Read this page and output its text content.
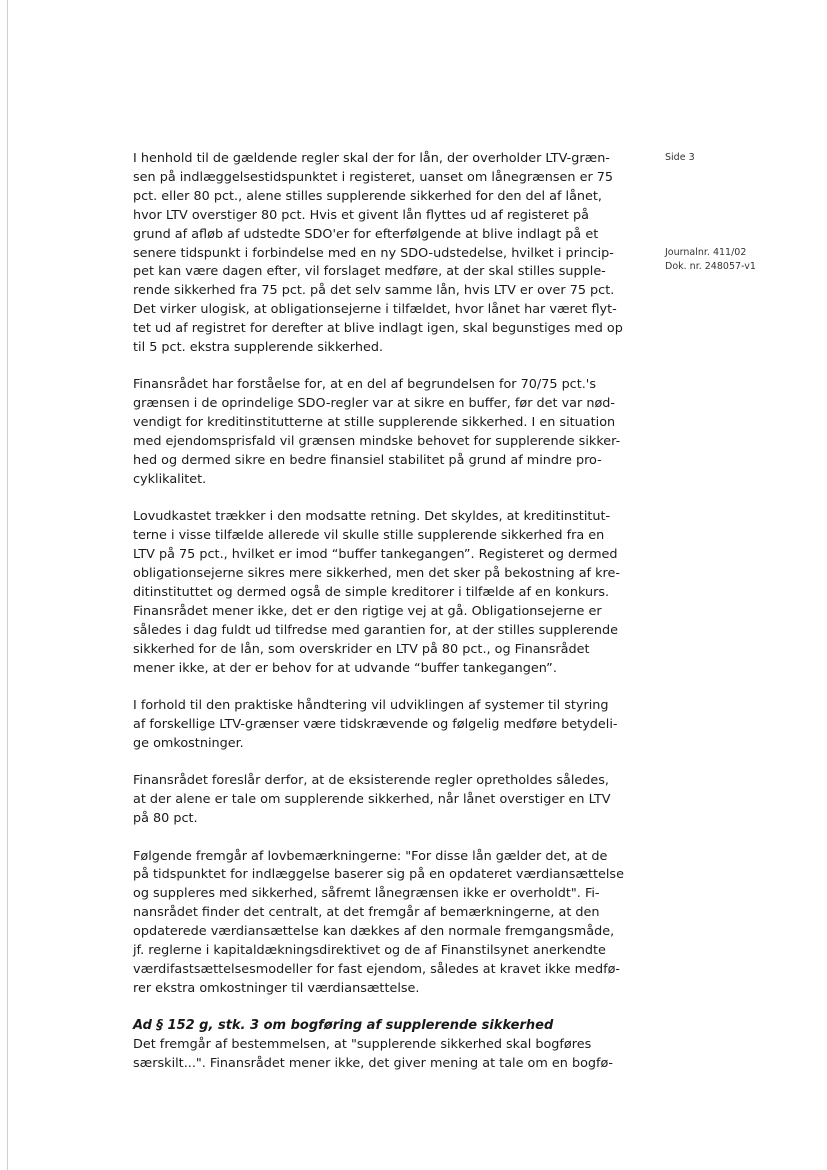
Side 3
Journalnr. 411/02
Dok. nr. 248057-v1

I henhold til de gældende regler skal der for lån, der overholder LTV-græn-
sen på indlæggelsestidspunktet i registeret, uanset om lånegrænsen er 75
pct. eller 80 pct., alene stilles supplerende sikkerhed for den del af lånet,
hvor LTV overstiger 80 pct. Hvis et givent lån flyttes ud af registeret på
grund af afløb af udstedte SDO'er for efterfølgende at blive indlagt på et
senere tidspunkt i forbindelse med en ny SDO-udstedelse, hvilket i princip-
pet kan være dagen efter, vil forslaget medføre, at der skal stilles supple-
rende sikkerhed fra 75 pct. på det selv samme lån, hvis LTV er over 75 pct.
Det virker ulogisk, at obligationsejerne i tilfældet, hvor lånet har været flyt-
tet ud af registret for derefter at blive indlagt igen, skal begunstiges med op
til 5 pct. ekstra supplerende sikkerhed.

Finansrådet har forståelse for, at en del af begrundelsen for 70/75 pct.'s
grænsen i de oprindelige SDO-regler var at sikre en buffer, før det var nød-
vendigt for kreditinstitutterne at stille supplerende sikkerhed. I en situation
med ejendomsprisfald vil grænsen mindske behovet for supplerende sikker-
hed og dermed sikre en bedre finansiel stabilitet på grund af mindre pro-
cyklikalitet.

Lovudkastet trækker i den modsatte retning. Det skyldes, at kreditinstitut-
terne i visse tilfælde allerede vil skulle stille supplerende sikkerhed fra en
LTV på 75 pct., hvilket er imod “buffer tankegangen”. Registeret og dermed
obligationsejerne sikres mere sikkerhed, men det sker på bekostning af kre-
ditinstituttet og dermed også de simple kreditorer i tilfælde af en konkurs.
Finansrådet mener ikke, det er den rigtige vej at gå. Obligationsejerne er
således i dag fuldt ud tilfredse med garantien for, at der stilles supplerende
sikkerhed for de lån, som overskrider en LTV på 80 pct., og Finansrådet
mener ikke, at der er behov for at udvande “buffer tankegangen”.

I forhold til den praktiske håndtering vil udviklingen af systemer til styring
af forskellige LTV-grænser være tidskrævende og følgelig medføre betydeli-
ge omkostninger.

Finansrådet foreslår derfor, at de eksisterende regler opretholdes således,
at der alene er tale om supplerende sikkerhed, når lånet overstiger en LTV
på 80 pct.

Følgende fremgår af lovbemærkningerne: "For disse lån gælder det, at de
på tidspunktet for indlæggelse baserer sig på en opdateret værdiansættelse
og suppleres med sikkerhed, såfremt lånegrænsen ikke er overholdt". Fi-
nansrådet finder det centralt, at det fremgår af bemærkningerne, at den
opdaterede værdiansættelse kan dækkes af den normale fremgangsmåde,
jf. reglerne i kapitaldækningsdirektivet og de af Finanstilsynet anerkendte
værdifastsættelsesmodeller for fast ejendom, således at kravet ikke medfø-
rer ekstra omkostninger til værdiansættelse.

Ad § 152 g, stk. 3 om bogføring af supplerende sikkerhed

Det fremgår af bestemmelsen, at "supplerende sikkerhed skal bogføres
særskilt...". Finansrådet mener ikke, det giver mening at tale om en bogfø-
